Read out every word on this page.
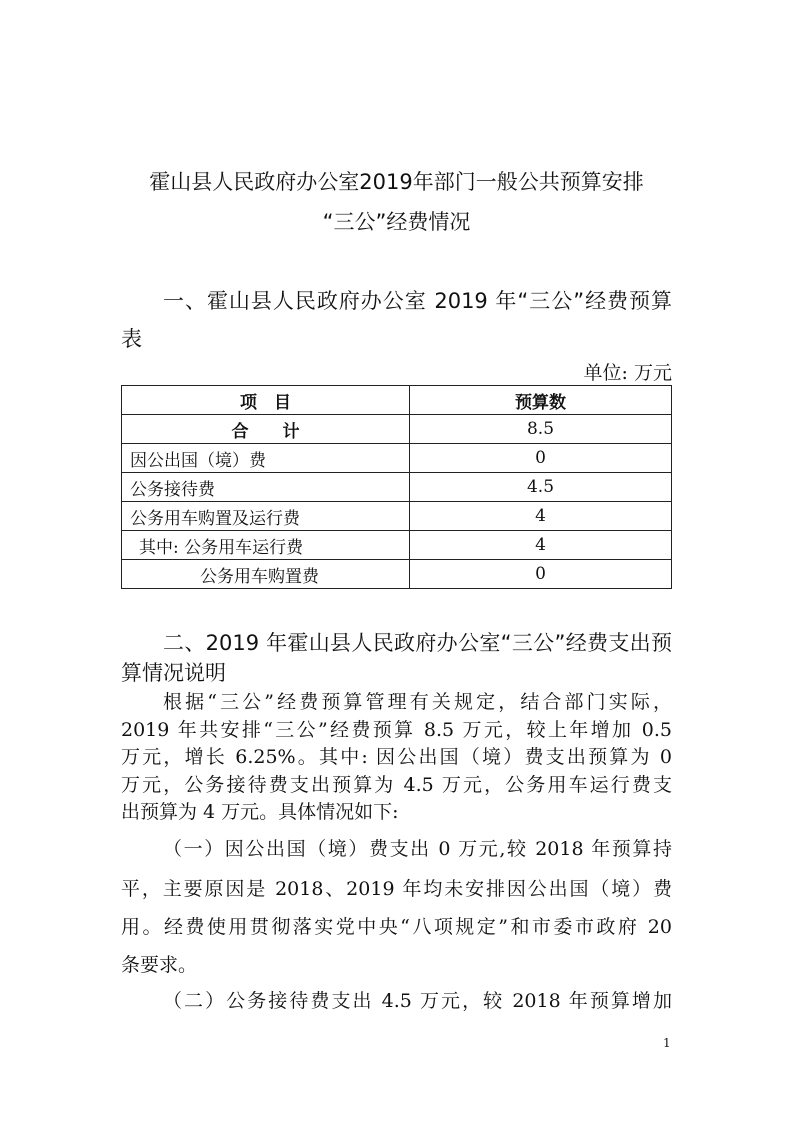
霍山县人民政府办公室2019年部门一般公共预算安排
“三公”经费情况
一、霍山县人民政府办公室 2019 年“三公”经费预算
表
单位: 万元
项　目	预算数
合　　计	8.5
因公出国（境）费	0
公务接待费	4.5
公务用车购置及运行费	4
其中: 公务用车运行费	4
公务用车购置费	0
二、2019 年霍山县人民政府办公室“三公”经费支出预
算情况说明
根据“三公”经费预算管理有关规定，结合部门实际，
2019 年共安排“三公”经费预算 8.5 万元，较上年增加 0.5
万元，增长 6.25%。其中: 因公出国（境）费支出预算为 0
万元，公务接待费支出预算为 4.5 万元，公务用车运行费支
出预算为 4 万元。具体情况如下:
（一）因公出国（境）费支出 0 万元,较 2018 年预算持
平，主要原因是 2018、2019 年均未安排因公出国（境）费
用。经费使用贯彻落实党中央“八项规定”和市委市政府 20
条要求。
（二）公务接待费支出 4.5 万元，较 2018 年预算增加
1
